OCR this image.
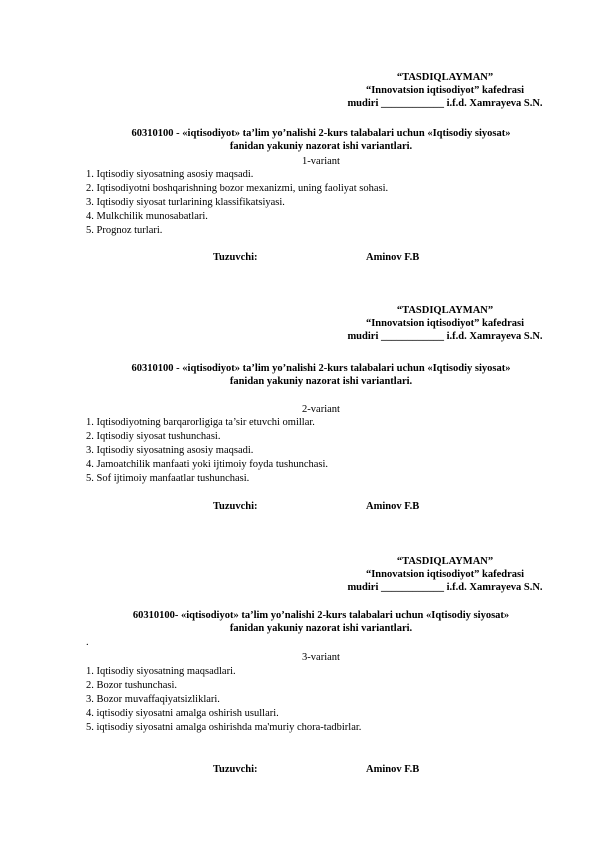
“TASDIQLAYMAN”
“Innovatsion iqtisodiyot” kafedrasi
mudiri ____________ i.f.d. Xamrayeva S.N.
60310100 - «iqtisodiyot» ta’lim yo’nalishi 2-kurs talabalari uchun «Iqtisodiy siyosat»
fanidan yakuniy nazorat ishi variantlari.
1-variant
1. Iqtisodiy siyosatning asosiy maqsadi.
2. Iqtisodiyotni boshqarishning bozor mexanizmi, uning faoliyat sohasi.
3. Iqtisodiy siyosat turlarining klassifikatsiyasi.
4. Mulkchilik munosabatlari.
5. Prognoz turlari.
Tuzuvchi:	Aminov F.B
“TASDIQLAYMAN”
“Innovatsion iqtisodiyot” kafedrasi
mudiri ____________ i.f.d. Xamrayeva S.N.
60310100 - «iqtisodiyot» ta’lim yo’nalishi 2-kurs talabalari uchun «Iqtisodiy siyosat»
fanidan yakuniy nazorat ishi variantlari.
2-variant
1. Iqtisodiyotning barqarorligiga ta’sir etuvchi omillar.
2. Iqtisodiy siyosat tushunchasi.
3. Iqtisodiy siyosatning asosiy maqsadi.
4. Jamoatchilik manfaati yoki ijtimoiy foyda tushunchasi.
5. Sof ijtimoiy manfaatlar tushunchasi.
Tuzuvchi:	Aminov F.B
“TASDIQLAYMAN”
“Innovatsion iqtisodiyot” kafedrasi
mudiri ____________ i.f.d. Xamrayeva S.N.
60310100- «iqtisodiyot» ta’lim yo’nalishi 2-kurs talabalari uchun «Iqtisodiy siyosat»
fanidan yakuniy nazorat ishi variantlari.
.
3-variant
1. Iqtisodiy siyosatning maqsadlari.
2. Bozor tushunchasi.
3. Bozor muvaffaqiyatsizliklari.
4. iqtisodiy siyosatni amalga oshirish usullari.
5. iqtisodiy siyosatni amalga oshirishda ma'muriy chora-tadbirlar.
Tuzuvchi:	Aminov F.B
